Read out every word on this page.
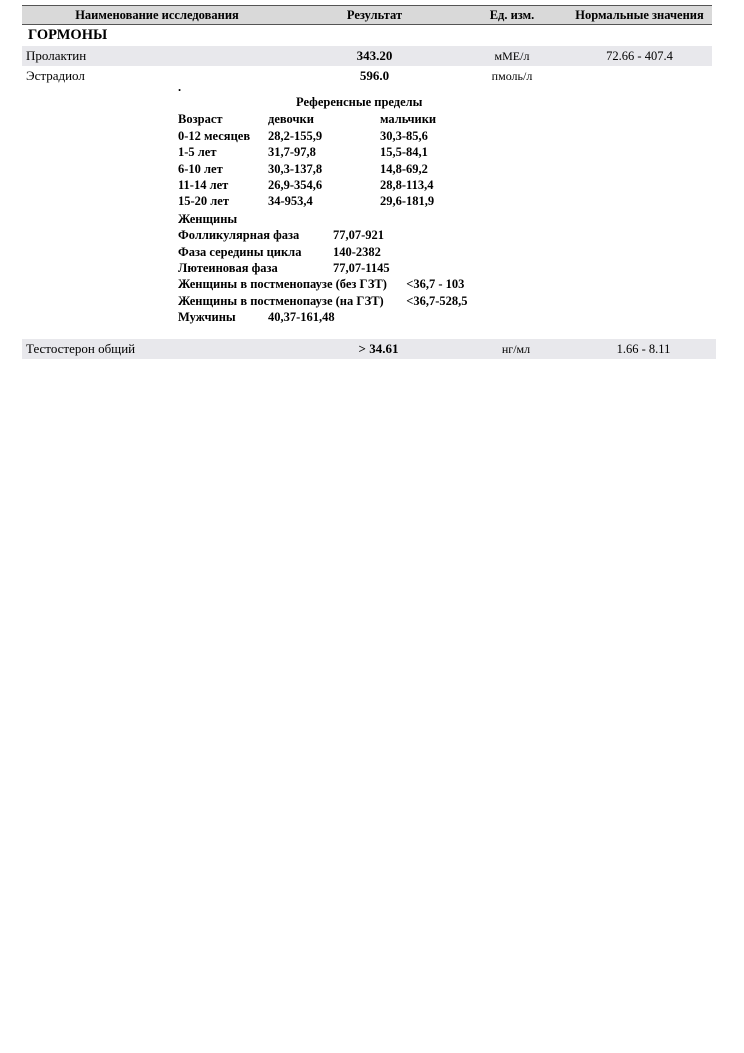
Наименование исследования	Результат	Ед. изм.	Нормальные значения
ГОРМОНЫ			
Пролактин	343.20	мМЕ/л	72.66 - 407.4
Эстрадиол	596.0	пмоль/л	
.
Референсные пределы
Возраст	девочки	мальчики
0-12 месяцев	28,2-155,9	30,3-85,6
1-5 лет	31,7-97,8	15,5-84,1
6-10 лет	30,3-137,8	14,8-69,2
11-14 лет	26,9-354,6	28,8-113,4
15-20 лет	34-953,4	29,6-181,9
Женщины
Фолликулярная фаза	77,07-921
Фаза середины цикла	140-2382
Лютеиновая фаза	77,07-1145
Женщины в постменопаузе (без ГЗТ)	<36,7 - 103
Женщины в постменопаузе (на ГЗТ)	<36,7-528,5
Мужчины	40,37-161,48
Тестостерон общий	> 34.61	нг/мл	1.66 - 8.11
